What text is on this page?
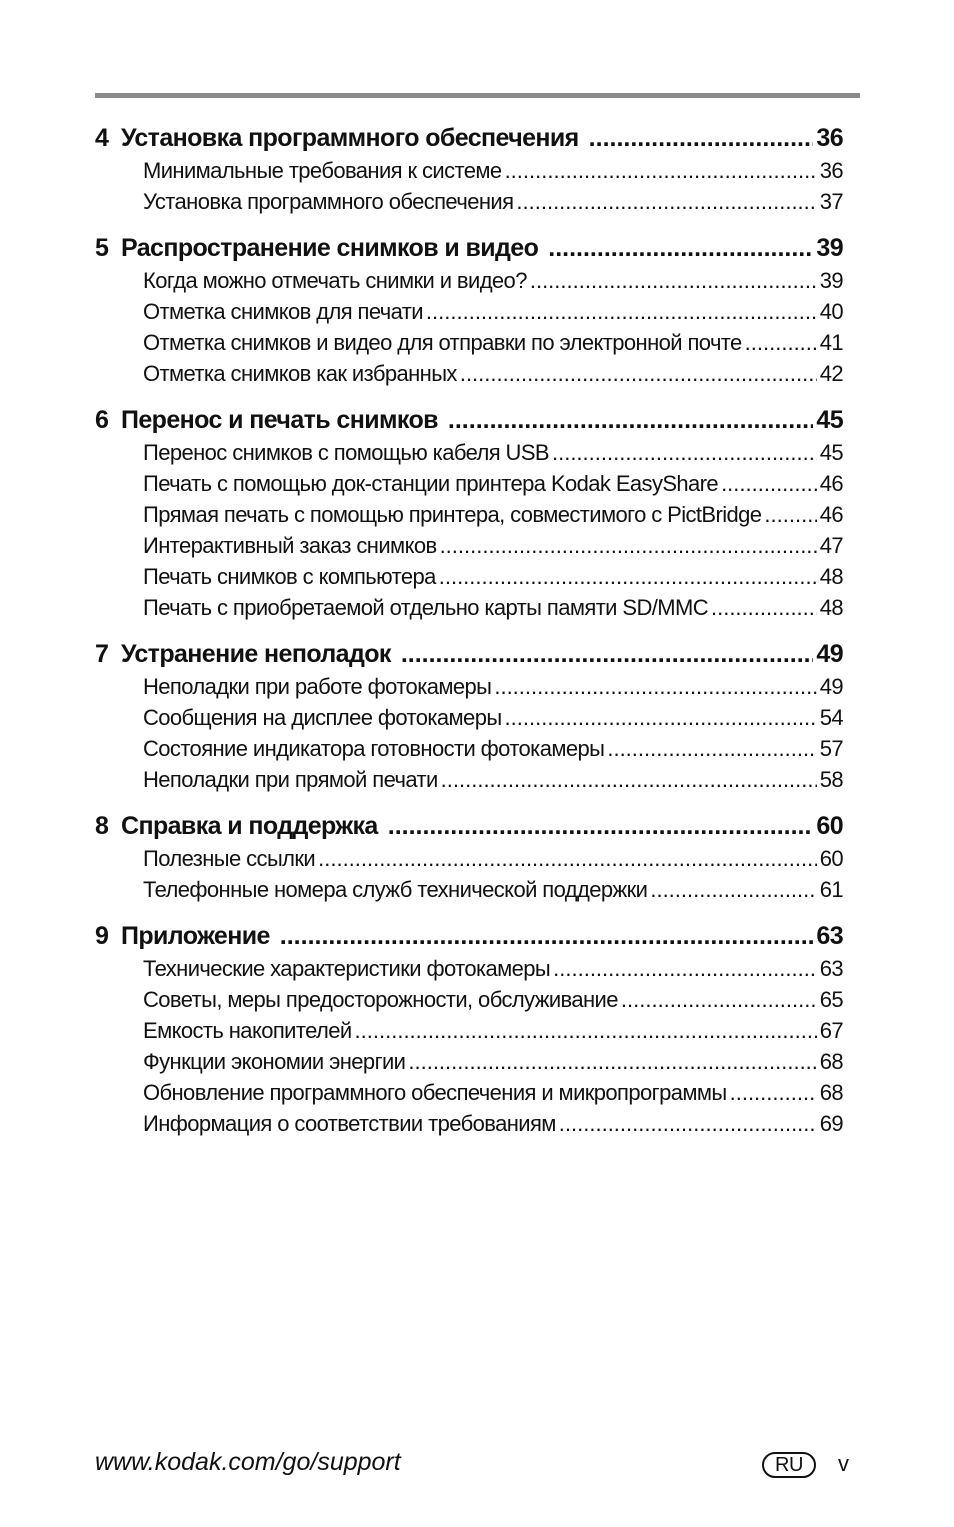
4 Установка программного обеспечения .....	36
Минимальные требования к системе .....	36
Установка программного обеспечения .....	37
5 Распространение снимков и видео .....	39
Когда можно отмечать снимки и видео? .....	39
Отметка снимков для печати .....	40
Отметка снимков и видео для отправки по электронной почте .....	41
Отметка снимков как избранных .....	42
6 Перенос и печать снимков .....	45
Перенос снимков с помощью кабеля USB .....	45
Печать с помощью док-станции принтера Kodak EasyShare .....	46
Прямая печать с помощью принтера, совместимого с PictBridge .....	46
Интерактивный заказ снимков .....	47
Печать снимков с компьютера .....	48
Печать с приобретаемой отдельно карты памяти SD/MMC .....	48
7 Устранение неполадок .....	49
Неполадки при работе фотокамеры .....	49
Сообщения на дисплее фотокамеры .....	54
Состояние индикатора готовности фотокамеры .....	57
Неполадки при прямой печати .....	58
8 Справка и поддержка .....	60
Полезные ссылки .....	60
Телефонные номера служб технической поддержки .....	61
9 Приложение .....	63
Технические характеристики фотокамеры .....	63
Советы, меры предосторожности, обслуживание .....	65
Емкость накопителей .....	67
Функции экономии энергии .....	68
Обновление программного обеспечения и микропрограммы .....	68
Информация о соответствии требованиям .....	69
www.kodak.com/go/support	RU	v
